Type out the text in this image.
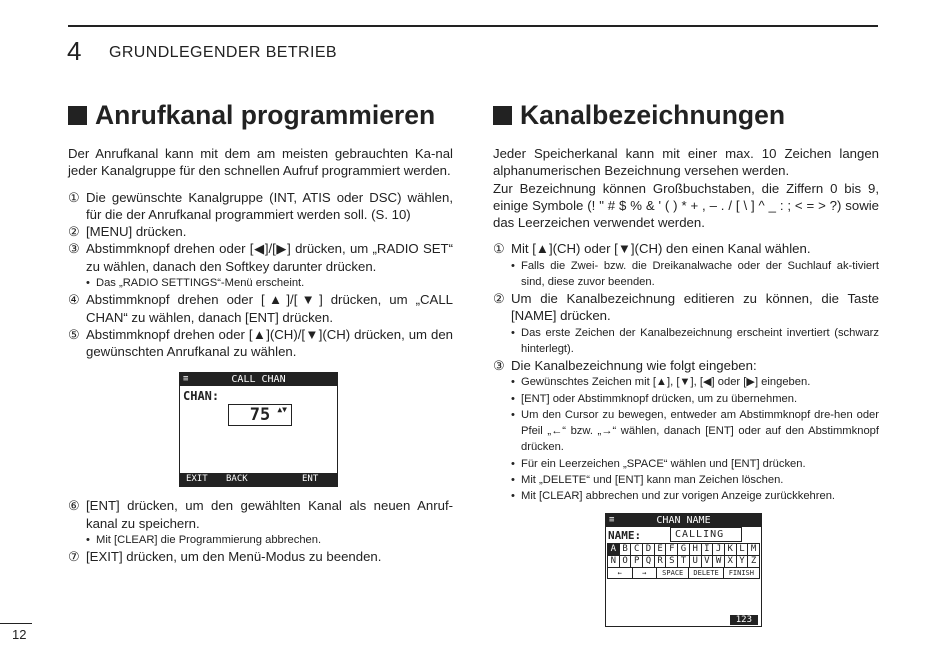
4 GRUNDLEGENDER BETRIEB
Anrufkanal programmieren

Der Anrufkanal kann mit dem am meisten gebrauchten Ka-nal jeder Kanalgruppe für den schnellen Aufruf programmiert werden.

① Die gewünschte Kanalgruppe (INT, ATIS oder DSC) wählen, für die der Anrufkanal programmiert werden soll. (S. 10)
② [MENU] drücken.
③ Abstimmknopf drehen oder [◀]/[▶] drücken, um „RADIO SET“ zu wählen, danach den Softkey darunter drücken.
• Das „RADIO SETTINGS“-Menü erscheint.
④ Abstimmknopf drehen oder [▲]/[▼] drücken, um „CALL CHAN“ zu wählen, danach [ENT] drücken.
⑤ Abstimmknopf drehen oder [▲](CH)/[▼](CH) drücken, um den gewünschten Anrufkanal zu wählen.
≡	CALL CHAN
CHAN:
75 ▲▼
EXIT BACK	ENT
⑥ [ENT] drücken, um den gewählten Kanal als neuen Anruf-kanal zu speichern.
• Mit [CLEAR] die Programmierung abbrechen.
⑦ [EXIT] drücken, um den Menü-Modus zu beenden.
Kanalbezeichnungen

Jeder Speicherkanal kann mit einer max. 10 Zeichen langen alphanumerischen Bezeichnung versehen werden.

Zur Bezeichnung können Großbuchstaben, die Ziffern 0 bis 9, einige Symbole (! " # $ % & ' ( ) * + , – . / [ \ ] ^ _ : ; < = > ?) sowie das Leerzeichen verwendet werden.

① Mit [▲](CH) oder [▼](CH) den einen Kanal wählen.
• Falls die Zwei- bzw. die Dreikanalwache oder der Suchlauf ak-tiviert sind, diese zuvor beenden.
② Um die Kanalbezeichnung editieren zu können, die Taste [NAME] drücken.
• Das erste Zeichen der Kanalbezeichnung erscheint invertiert (schwarz hinterlegt).
③ Die Kanalbezeichnung wie folgt eingeben:
• Gewünschtes Zeichen mit [▲], [▼], [◀] oder [▶] eingeben.
• [ENT] oder Abstimmknopf drücken, um zu übernehmen.
• Um den Cursor zu bewegen, entweder am Abstimmknopf dre-hen oder Pfeil „←“ bzw. „→“ wählen, danach [ENT] oder auf den Abstimmknopf drücken.
• Für ein Leerzeichen „SPACE“ wählen und [ENT] drücken.
• Mit „DELETE“ und [ENT] kann man Zeichen löschen.
• Mit [CLEAR] abbrechen und zur vorigen Anzeige zurückkehren.
≡	CHAN NAME
NAME:	CALLING
A B C D E F G H I J K L M
N O P Q R S T U V W X Y Z
←	→	SPACE	DELETE	FINISH
123
12
